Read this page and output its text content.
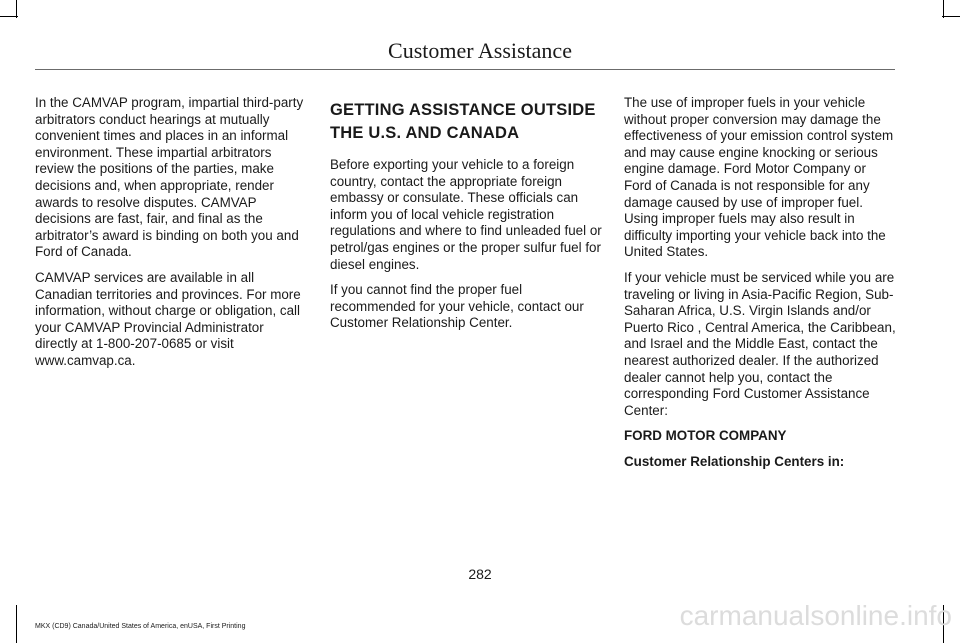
Customer Assistance

In the CAMVAP program, impartial third-party arbitrators conduct hearings at mutually convenient times and places in an informal environment. These impartial arbitrators review the positions of the parties, make decisions and, when appropriate, render awards to resolve disputes. CAMVAP decisions are fast, fair, and final as the arbitrator’s award is binding on both you and Ford of Canada.

CAMVAP services are available in all Canadian territories and provinces. For more information, without charge or obligation, call your CAMVAP Provincial Administrator directly at 1-800-207-0685 or visit www.camvap.ca.

GETTING ASSISTANCE OUTSIDE THE U.S. AND CANADA

Before exporting your vehicle to a foreign country, contact the appropriate foreign embassy or consulate. These officials can inform you of local vehicle registration regulations and where to find unleaded fuel or petrol/gas engines or the proper sulfur fuel for diesel engines.

If you cannot find the proper fuel recommended for your vehicle, contact our Customer Relationship Center.

The use of improper fuels in your vehicle without proper conversion may damage the effectiveness of your emission control system and may cause engine knocking or serious engine damage. Ford Motor Company or Ford of Canada is not responsible for any damage caused by use of improper fuel. Using improper fuels may also result in difficulty importing your vehicle back into the United States.

If your vehicle must be serviced while you are traveling or living in Asia-Pacific Region, Sub-Saharan Africa, U.S. Virgin Islands and/or Puerto Rico , Central America, the Caribbean, and Israel and the Middle East, contact the nearest authorized dealer. If the authorized dealer cannot help you, contact the corresponding Ford Customer Assistance Center:

FORD MOTOR COMPANY

Customer Relationship Centers in:

282
MKX (CD9) Canada/United States of America, enUSA, First Printing	carmanualsonline.info
